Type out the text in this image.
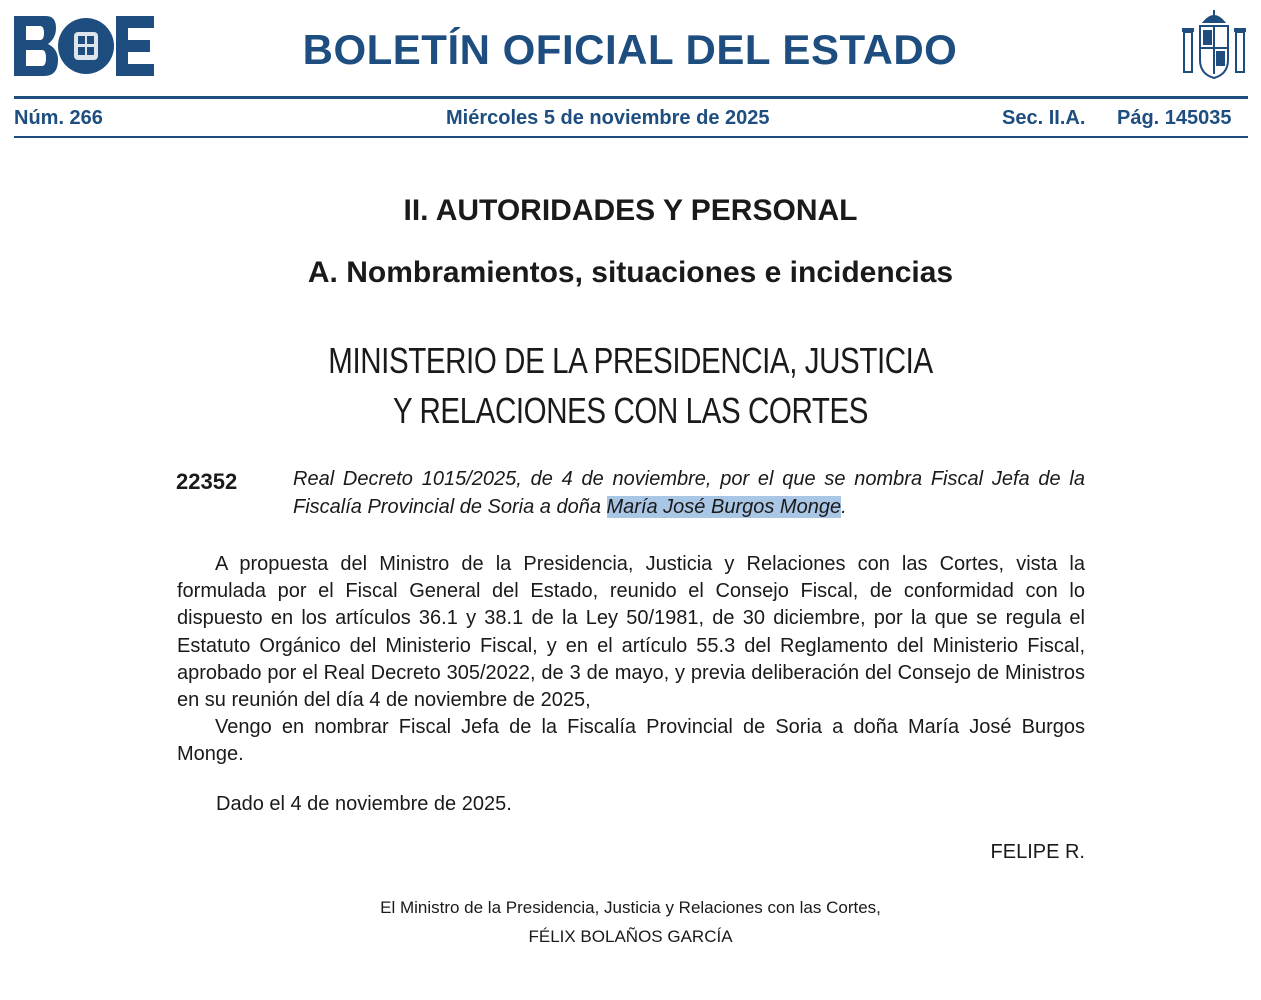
BOLETÍN OFICIAL DEL ESTADO
Núm. 266	Miércoles 5 de noviembre de 2025	Sec. II.A. Pág. 145035
II. AUTORIDADES Y PERSONAL
A. Nombramientos, situaciones e incidencias
MINISTERIO DE LA PRESIDENCIA, JUSTICIA
Y RELACIONES CON LAS CORTES
22352	Real Decreto 1015/2025, de 4 de noviembre, por el que se nombra Fiscal Jefa de la Fiscalía Provincial de Soria a doña María José Burgos Monge.

A propuesta del Ministro de la Presidencia, Justicia y Relaciones con las Cortes, vista la formulada por el Fiscal General del Estado, reunido el Consejo Fiscal, de conformidad con lo dispuesto en los artículos 36.1 y 38.1 de la Ley 50/1981, de 30 diciembre, por la que se regula el Estatuto Orgánico del Ministerio Fiscal, y en el artículo 55.3 del Reglamento del Ministerio Fiscal, aprobado por el Real Decreto 305/2022, de 3 de mayo, y previa deliberación del Consejo de Ministros en su reunión del día 4 de noviembre de 2025,

Vengo en nombrar Fiscal Jefa de la Fiscalía Provincial de Soria a doña María José Burgos Monge.

Dado el 4 de noviembre de 2025.
FELIPE R.
El Ministro de la Presidencia, Justicia y Relaciones con las Cortes,
FÉLIX BOLAÑOS GARCÍA
